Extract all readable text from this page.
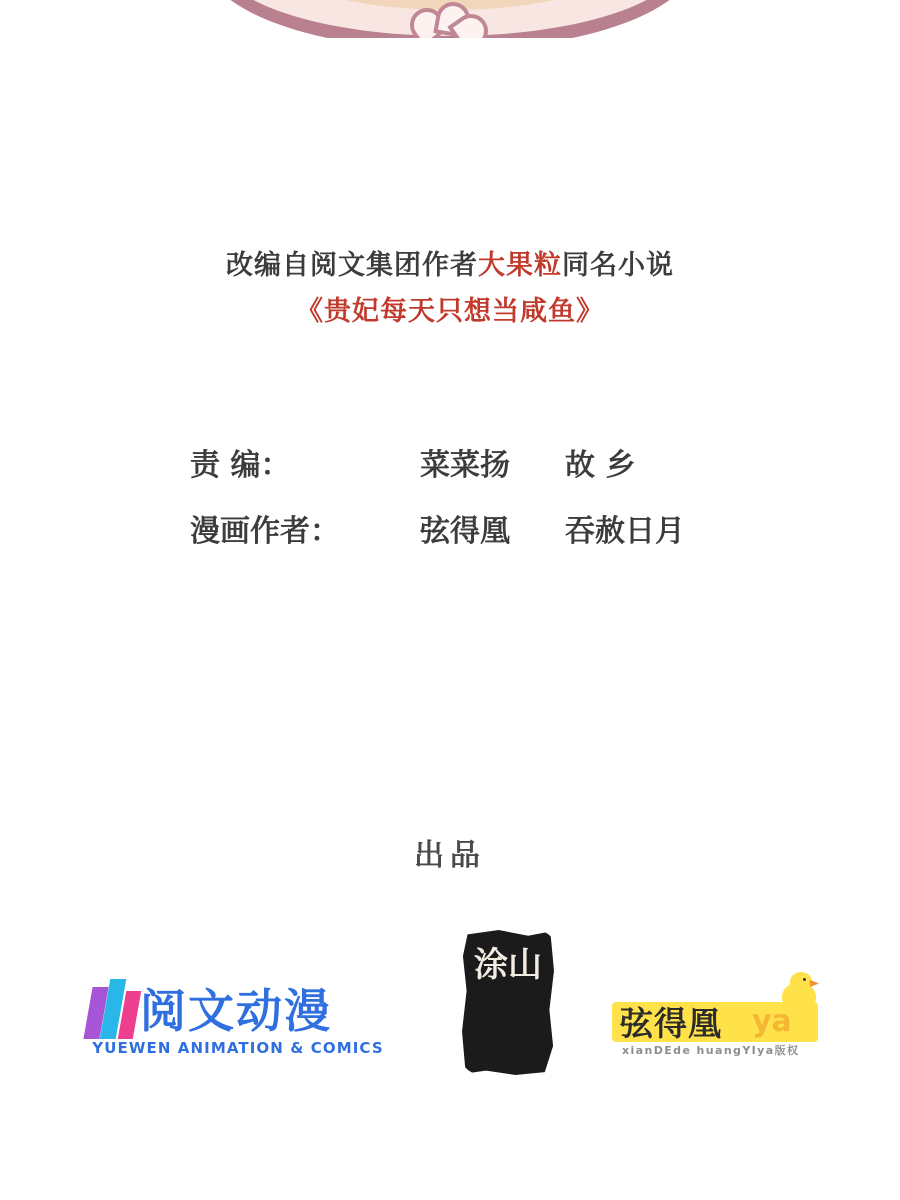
改编自阅文集团作者大果粒同名小说
《贵妃每天只想当咸鱼》
责 编：	菜菜扬	故 乡
漫画作者：	弦得凰	吞赦日月
出品
阅文动漫
YUEWEN ANIMATION & COMICS
涂山
弦得凰 ya
xianDEde huangYIya版权
